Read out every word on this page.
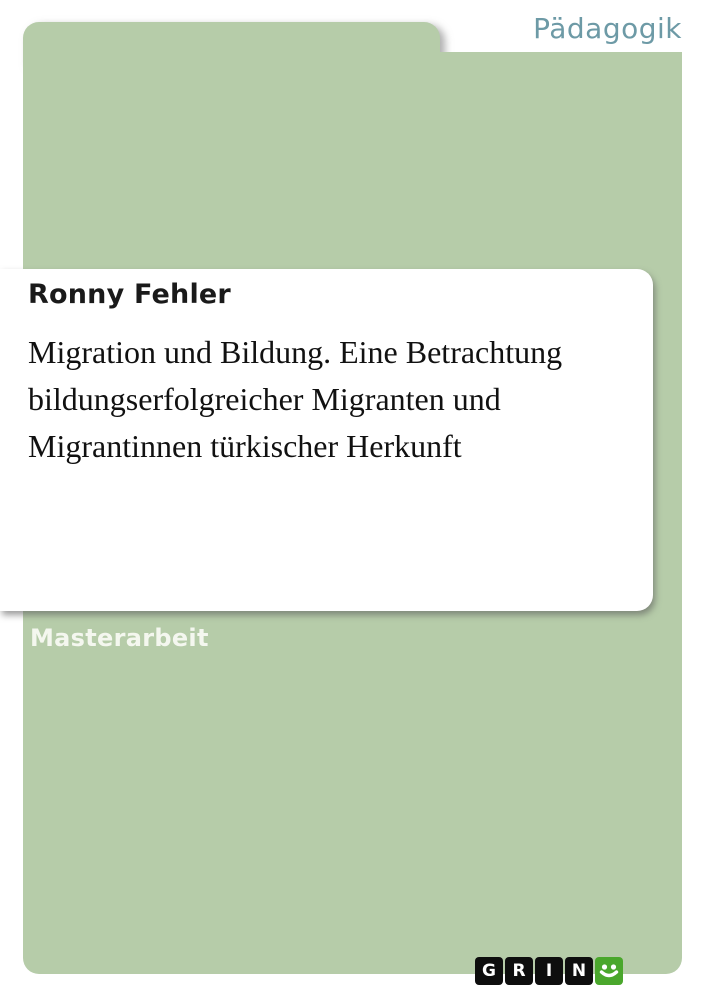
Pädagogik
Ronny Fehler
Migration und Bildung. Eine Betrachtung
bildungserfolgreicher Migranten und
Migrantinnen türkischer Herkunft
Masterarbeit
G R	I	N
